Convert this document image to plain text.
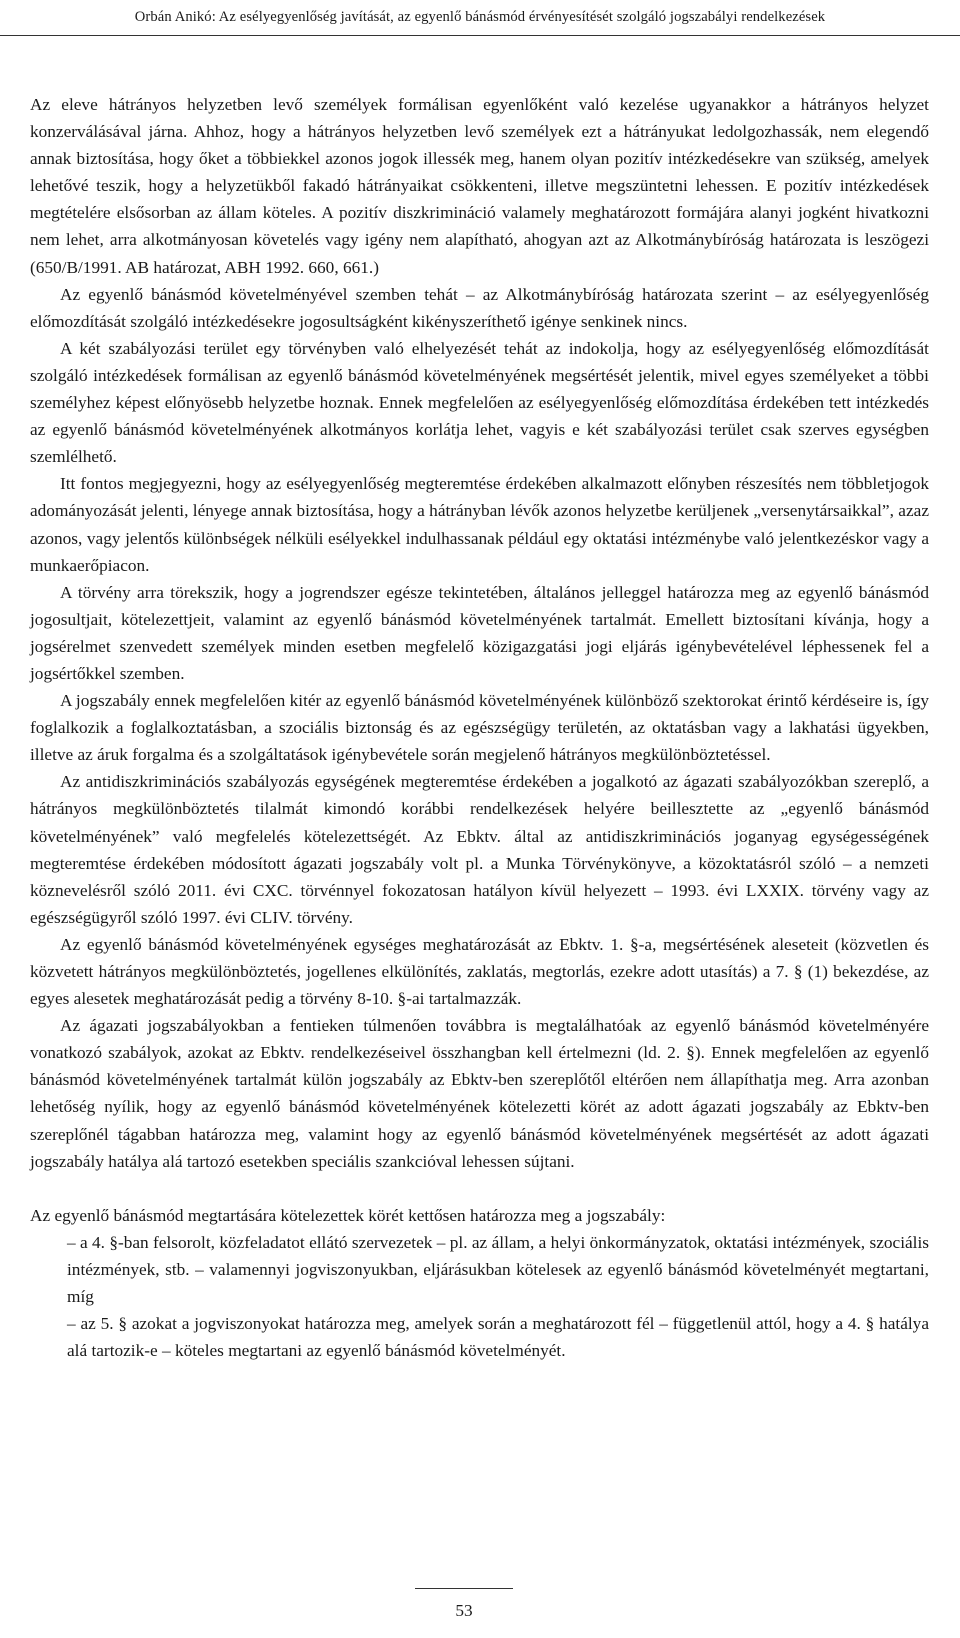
Orbán Anikó: Az esélyegyenlőség javítását, az egyenlő bánásmód érvényesítését szolgáló jogszabályi rendelkezések

Az eleve hátrányos helyzetben levő személyek formálisan egyenlőként való kezelése ugyanakkor a hátrányos helyzet konzerválásával járna. Ahhoz, hogy a hátrányos helyzetben levő személyek ezt a hátrányukat ledolgozhassák, nem elegendő annak biztosítása, hogy őket a többiekkel azonos jogok illessék meg, hanem olyan pozitív intézkedésekre van szükség, amelyek lehetővé teszik, hogy a helyzetükből fakadó hátrányaikat csökkenteni, illetve megszüntetni lehessen. E pozitív intézkedések megtételére elsősorban az állam köteles. A pozitív diszkrimináció valamely meghatározott formájára alanyi jogként hivatkozni nem lehet, arra alkotmányosan követelés vagy igény nem alapítható, ahogyan azt az Alkotmánybíróság határozata is leszögezi (650/B/1991. AB határozat, ABH 1992. 660, 661.)

Az egyenlő bánásmód követelményével szemben tehát – az Alkotmánybíróság határozata szerint – az esélyegyenlőség előmozdítását szolgáló intézkedésekre jogosultságként kikényszeríthető igénye senkinek nincs.

A két szabályozási terület egy törvényben való elhelyezését tehát az indokolja, hogy az esélyegyenlőség előmozdítását szolgáló intézkedések formálisan az egyenlő bánásmód követelményének megsértését jelentik, mivel egyes személyeket a többi személyhez képest előnyösebb helyzetbe hoznak. Ennek megfelelően az esélyegyenlőség előmozdítása érdekében tett intézkedés az egyenlő bánásmód követelményének alkotmányos korlátja lehet, vagyis e két szabályozási terület csak szerves egységben szemlélhető.

Itt fontos megjegyezni, hogy az esélyegyenlőség megteremtése érdekében alkalmazott előnyben részesítés nem többletjogok adományozását jelenti, lényege annak biztosítása, hogy a hátrányban lévők azonos helyzetbe kerüljenek „versenytársaikkal”, azaz azonos, vagy jelentős különbségek nélküli esélyekkel indulhassanak például egy oktatási intézménybe való jelentkezéskor vagy a munkaerőpiacon.

A törvény arra törekszik, hogy a jogrendszer egésze tekintetében, általános jelleggel határozza meg az egyenlő bánásmód jogosultjait, kötelezettjeit, valamint az egyenlő bánásmód követelményének tartalmát. Emellett biztosítani kívánja, hogy a jogsérelmet szenvedett személyek minden esetben megfelelő közigazgatási jogi eljárás igénybevételével léphessenek fel a jogsértőkkel szemben.

A jogszabály ennek megfelelően kitér az egyenlő bánásmód követelményének különböző szektorokat érintő kérdéseire is, így foglalkozik a foglalkoztatásban, a szociális biztonság és az egészségügy területén, az oktatásban vagy a lakhatási ügyekben, illetve az áruk forgalma és a szolgáltatások igénybevétele során megjelenő hátrányos megkülönböztetéssel.

Az antidiszkriminációs szabályozás egységének megteremtése érdekében a jogalkotó az ágazati szabályozókban szereplő, a hátrányos megkülönböztetés tilalmát kimondó korábbi rendelkezések helyére beillesztette az „egyenlő bánásmód követelményének” való megfelelés kötelezettségét. Az Ebktv. által az antidiszkriminációs joganyag egységességének megteremtése érdekében módosított ágazati jogszabály volt pl. a Munka Törvénykönyve, a közoktatásról szóló – a nemzeti köznevelésről szóló 2011. évi CXC. törvénnyel fokozatosan hatályon kívül helyezett – 1993. évi LXXIX. törvény vagy az egészségügyről szóló 1997. évi CLIV. törvény.

Az egyenlő bánásmód követelményének egységes meghatározását az Ebktv. 1. §-a, megsértésének aleseteit (közvetlen és közvetett hátrányos megkülönböztetés, jogellenes elkülönítés, zaklatás, megtorlás, ezekre adott utasítás) a 7. § (1) bekezdése, az egyes alesetek meghatározását pedig a törvény 8-10. §-ai tartalmazzák.

Az ágazati jogszabályokban a fentieken túlmenően továbbra is megtalálhatóak az egyenlő bánásmód követelményére vonatkozó szabályok, azokat az Ebktv. rendelkezéseivel összhangban kell értelmezni (ld. 2. §). Ennek megfelelően az egyenlő bánásmód követelményének tartalmát külön jogszabály az Ebktv-ben szereplőtől eltérően nem állapíthatja meg. Arra azonban lehetőség nyílik, hogy az egyenlő bánásmód követelményének kötelezetti körét az adott ágazati jogszabály az Ebktv-ben szereplőnél tágabban határozza meg, valamint hogy az egyenlő bánásmód követelményének megsértését az adott ágazati jogszabály hatálya alá tartozó esetekben speciális szankcióval lehessen sújtani.

Az egyenlő bánásmód megtartására kötelezettek körét kettősen határozza meg a jogszabály:

– a 4. §-ban felsorolt, közfeladatot ellátó szervezetek – pl. az állam, a helyi önkormányzatok, oktatási intézmények, szociális intézmények, stb. – valamennyi jogviszonyukban, eljárásukban kötelesek az egyenlő bánásmód követelményét megtartani, míg

– az 5. § azokat a jogviszonyokat határozza meg, amelyek során a meghatározott fél – függetlenül attól, hogy a 4. § hatálya alá tartozik-e – köteles megtartani az egyenlő bánásmód követelményét.

53
